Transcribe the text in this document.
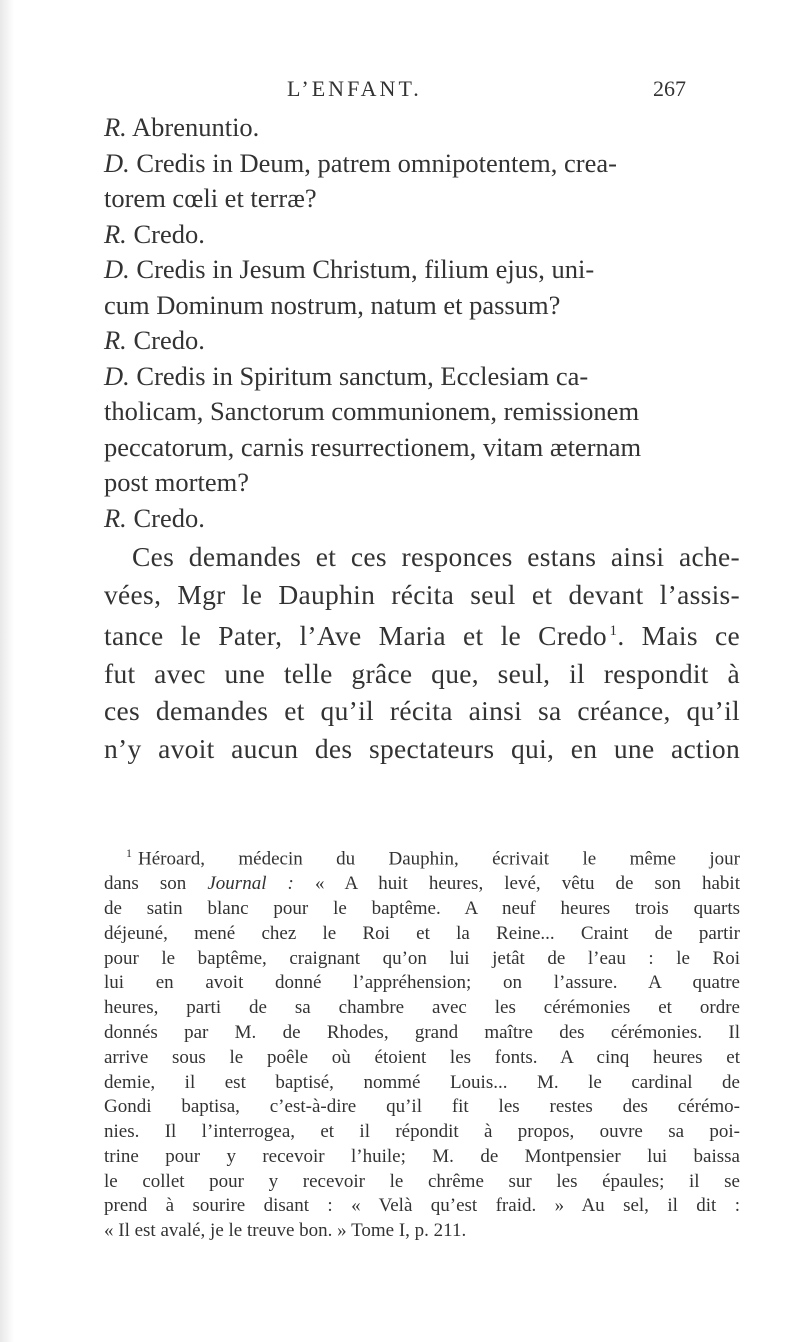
L’ENFANT.	267

R. Abrenuntio.

D. Credis in Deum, patrem omnipotentem, crea-
torem cœli et terræ?

R. Credo.

D. Credis in Jesum Christum, filium ejus, uni-
cum Dominum nostrum, natum et passum?

R. Credo.

D. Credis in Spiritum sanctum, Ecclesiam ca-
tholicam, Sanctorum communionem, remissionem
peccatorum, carnis resurrectionem, vitam æternam
post mortem?

R. Credo.

Ces demandes et ces responces estans ainsi ache-
vées, Mgr le Dauphin récita seul et devant l’assis-
tance le Pater, l’Ave Maria et le Credo  $^1$. Mais ce
fut avec une telle grâce que, seul, il respondit à
ces demandes et qu’il récita ainsi sa créance, qu’il
n’y avoit aucun des spectateurs qui, en une action

$^1$ Héroard, médecin du Dauphin, écrivait le même jour
dans son Journal : « A huit heures, levé, vêtu de son habit
de satin blanc pour le baptême. A neuf heures trois quarts
déjeuné, mené chez le Roi et la Reine... Craint de partir
pour le baptême, craignant qu’on lui jetât de l’eau : le Roi
lui en avoit donné l’appréhension; on l’assure. A quatre
heures, parti de sa chambre avec les cérémonies et ordre
donnés par M. de Rhodes, grand maître des cérémonies. Il
arrive sous le poêle où étoient les fonts. A cinq heures et
demie, il est baptisé, nommé Louis... M. le cardinal de
Gondi baptisa, c’est-à-dire qu’il fit les restes des cérémo-
nies. Il l’interrogea, et il répondit à propos, ouvre sa poi-
trine pour y recevoir l’huile; M. de Montpensier lui baissa
le collet pour y recevoir le chrême sur les épaules; il se
prend à sourire disant : « Velà qu’est fraid. » Au sel, il dit :
« Il est avalé, je le treuve bon. » Tome I, p. 211.
